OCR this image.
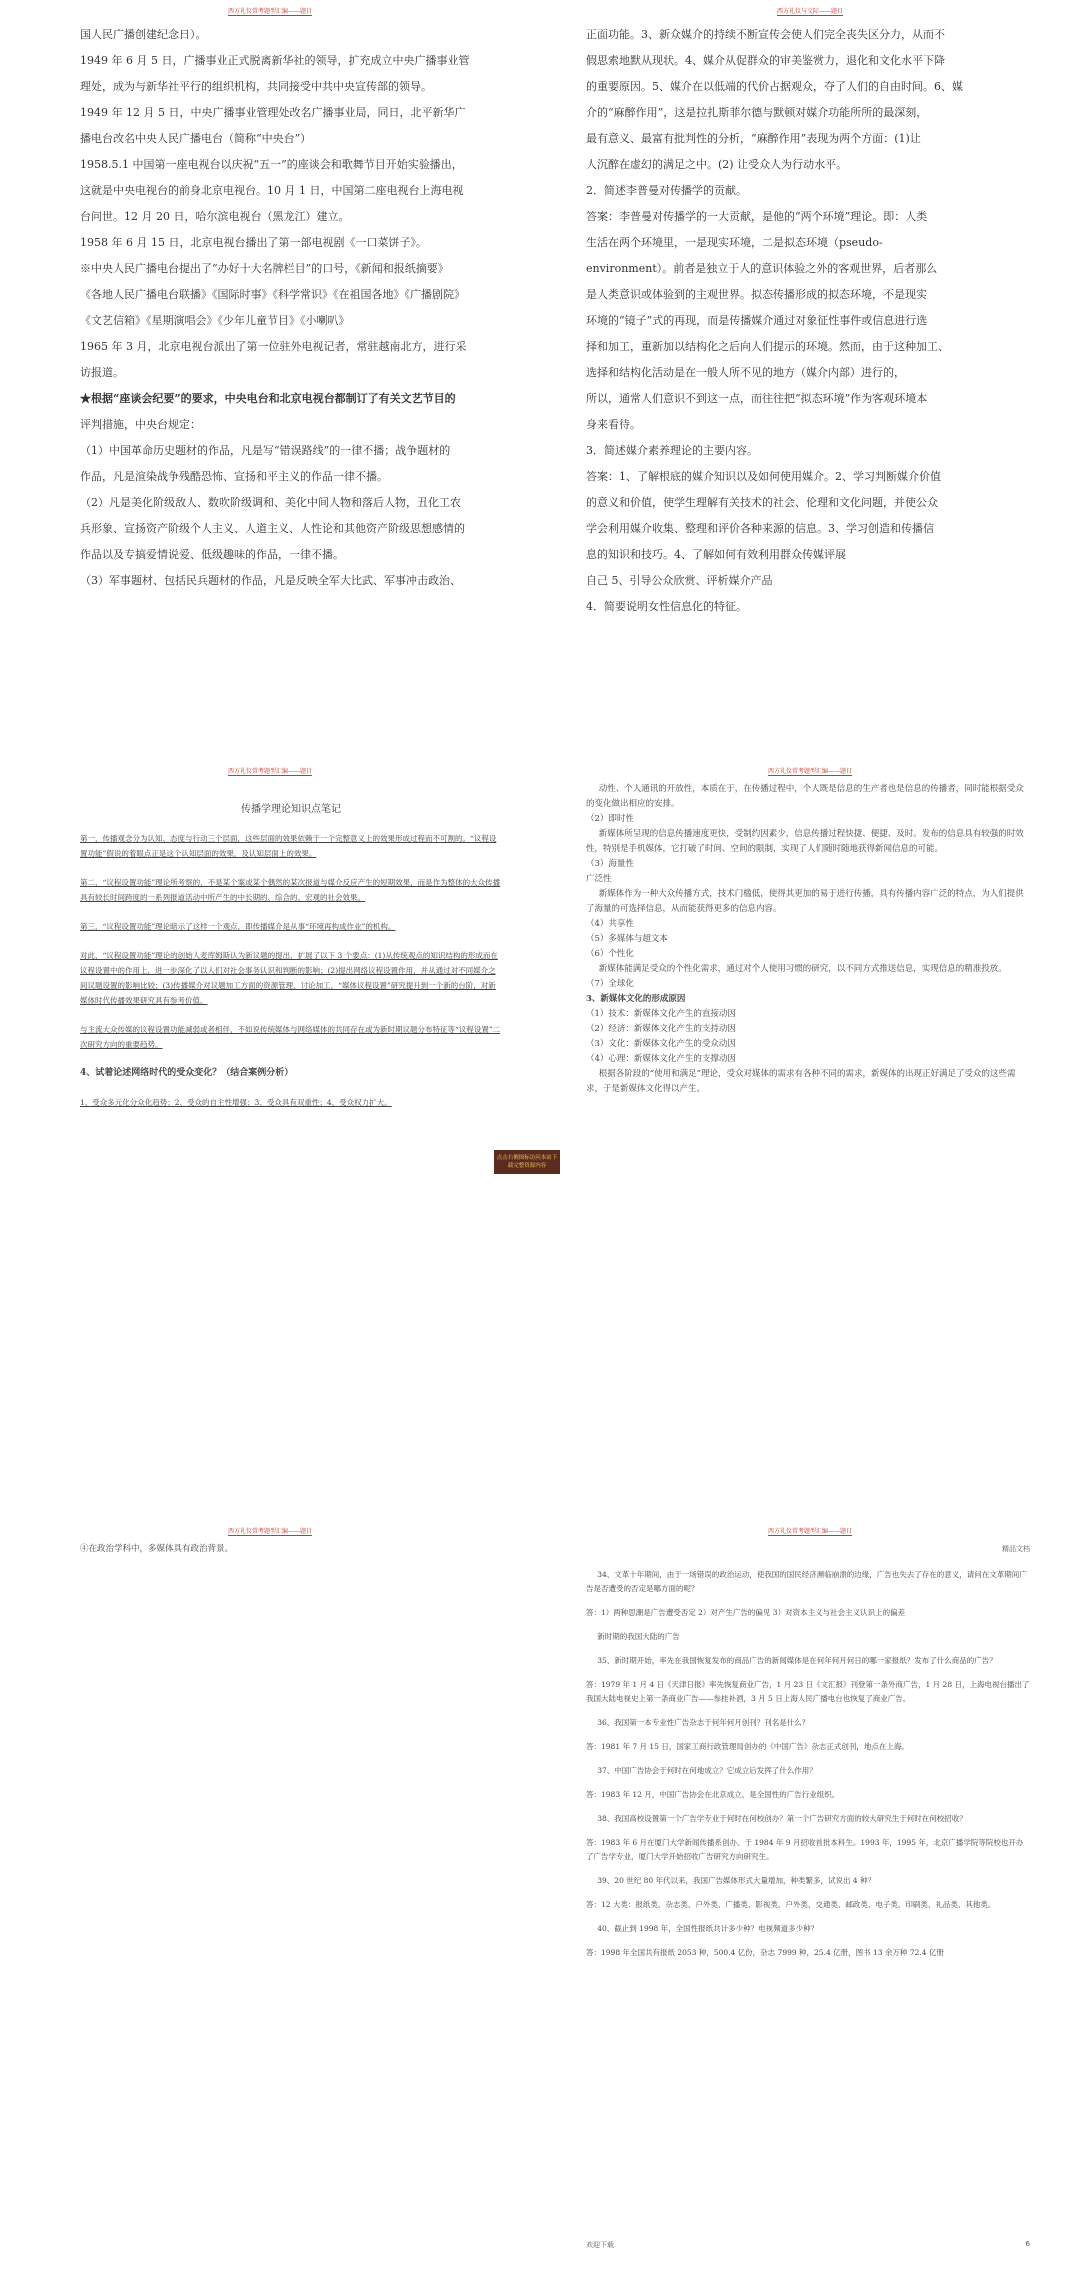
西方礼仪常考题型汇编——题目

国人民广播创建纪念日）。

1949 年 6 月 5 日，广播事业正式脱离新华社的领导，扩充成立中央广播事业管

理处，成为与新华社平行的组织机构，共同接受中共中央宣传部的领导。

1949 年 12 月 5 日，中央广播事业管理处改名广播事业局，同日，北平新华广

播电台改名中央人民广播电台（简称“中央台”）

1958.5.1 中国第一座电视台以庆祝“五一”的座谈会和歌舞节目开始实验播出，

这就是中央电视台的前身北京电视台。10 月 1 日，中国第二座电视台上海电视

台问世。12 月 20 日，哈尔滨电视台（黑龙江）建立。

1958 年 6 月 15 日，北京电视台播出了第一部电视剧《一口菜饼子》。

※中央人民广播电台提出了“办好十大名牌栏目”的口号，《新闻和报纸摘要》

《各地人民广播电台联播》《国际时事》《科学常识》《在祖国各地》《广播剧院》

《文艺信箱》《星期演唱会》《少年儿童节目》《小喇叭》

1965 年 3 月，北京电视台派出了第一位驻外电视记者，常驻越南北方，进行采

访报道。

★根据“座谈会纪要”的要求，中央电台和北京电视台都制订了有关文艺节目的

评判措施，中央台规定：

（1）中国革命历史题材的作品，凡是写“错误路线”的一律不播；战争题材的

作品，凡是渲染战争残酷恐怖、宣扬和平主义的作品一律不播。

（2）凡是美化阶级敌人、数吹阶级调和、美化中间人物和落后人物，丑化工农

兵形象、宣扬资产阶级个人主义、人道主义、人性论和其他资产阶级思想感情的

作品以及专搞爱情说爱、低级趣味的作品，一律不播。

（3）军事题材、包括民兵题材的作品，凡是反映全军大比武、军事冲击政治、

西方礼仪与交际——题目

正面功能。3、新众媒介的持续不断宣传会使人们完全丧失区分力，从而不

假思索地默从现状。4、媒介从促群众的审美鉴赏力，退化和文化水平下降

的重要原因。5、媒介在以低端的代价占据观众，夺了人们的自由时间。6、媒

介的“麻醉作用”，这是拉扎斯菲尔德与默顿对媒介功能所所的最深刻，

最有意义、最富有批判性的分析，“麻醉作用”表现为两个方面：(1)让

人沉醉在虚幻的满足之中。(2) 让受众人为行动水平。

2．简述李普曼对传播学的贡献。

答案：李普曼对传播学的一大贡献，是他的“两个环境”理论。即：人类

生活在两个环境里，一是现实环境，二是拟态环境（pseudo-

environment）。前者是独立于人的意识体验之外的客观世界，后者那么

是人类意识或体验到的主观世界。拟态传播形成的拟态环境，不是现实

环境的“镜子”式的再现，而是传播媒介通过对象征性事件或信息进行选

择和加工，重新加以结构化之后向人们提示的环境。然而，由于这种加工、

选择和结构化活动是在一般人所不见的地方（媒介内部）进行的，

所以，通常人们意识不到这一点，而往往把“拟态环境”作为客观环境本

身来看待。

3．简述媒介素养理论的主要内容。

答案：1、了解根底的媒介知识以及如何使用媒介。2、学习判断媒介价值

的意义和价值，使学生理解有关技术的社会、伦理和文化问题，并使公众

学会利用媒介收集、整理和评价各种来源的信息。3、学习创造和传播信

息的知识和技巧。4、了解如何有效利用群众传媒评展

自己 5、引导公众欣赏、评析媒介产品

4．简要说明女性信息化的特征。

西方礼仪常考题型汇编——题目
传播学理论知识点笔记

第一，传播观念分为认知、态度与行动三个层面，这些层面的效果依赖于一个完整意义上的效果形成过程而不可割的。“议程设置功能”假说的着眼点正是这个认知层面的效果，及认知层面上的效果。

第二，“议程设置功能”理论所考察的，不是某个案或某个偶然的某次报道与媒介反应产生的短期效果，而是作为整体的大众传播具有较长时间跨度的一系列报道活动中所产生的中长期的、综合的、宏观的社会效果。

第三，“议程设置功能”理论暗示了这样一个观点，即传播媒介是从事“环境再构成作业”的机构。

对此，“议程设置功能”理论的创始人麦库姆斯认为新议题的提出，扩展了以下 3 个要点：(1)从传统观点的知识结构的形成而在议程设置中的作用上，进一步深化了以人们对社会事务认识和判断的影响；(2)提出网络议程设置作用，并从通过对不同媒介之间议题设置的影响比较；(3)传播媒介对议题加工方面的资源管理、讨论加工，“媒体议程设置”研究提升到一个新的台阶，对新媒体时代传播效果研究具有参考价值。

与主流大众传媒的议程设置功能减弱或者相伴，不如说传统媒体与网络媒体的共同存在或为新时期议题分布特征等“议程设置”二次研究方向的重要趋势。

4、试着论述网络时代的受众变化？（结合案例分析）

1、受众多元化分众化趋势；2、受众的自主性增强；3、受众具有双重性；4、受众权力扩大。

西方礼仪常考题型汇编——题目

动性、个人通讯的开放性，本质在于，在传播过程中，个人既是信息的生产者也是信息的传播者，同时能根据受众的变化做出相应的安排。

（2）即时性

新媒体所呈现的信息传播速度更快，受制约因素少，信息传播过程快捷、便捷、及时。发布的信息具有较强的时效性，特别是手机媒体，它打破了时间、空间的限制，实现了人们随时随地获得新闻信息的可能。

（3）海量性

广泛性

新媒体作为一种大众传播方式，技术门槛低，使得其更加的易于进行传播，具有传播内容广泛的特点，为人们提供了海量的可选择信息，从而能获得更多的信息内容。

（4）共享性

（5）多媒体与超文本

（6）个性化

新媒体能满足受众的个性化需求，通过对个人使用习惯的研究，以不同方式推送信息，实现信息的精准投放。

（7）全球化

3、新媒体文化的形成原因

（1）技术：新媒体文化产生的直接动因

（2）经济：新媒体文化产生的支持动因

（3）文化：新媒体文化产生的受众动因

（4）心理：新媒体文化产生的支撑动因

根据各阶段的“使用和满足”理论，受众对媒体的需求有各种不同的需求，新媒体的出现正好满足了受众的这些需求，于是新媒体文化得以产生。

西方礼仪常考题型汇编——题目

④在政治学科中，多媒体具有政治背景。

西方礼仪常考题型汇编——题目
精品文档

34、文革十年期间，由于一场错误的政治运动，使我国的国民经济濒临崩溃的边缘，广告也失去了存在的意义，请问在文革期间广告是否遭受的否定是哪方面的呢？

答：1）两种思潮是广告遭受否定 2）对产生广告的偏见 3）对资本主义与社会主义认识上的偏差

新时期的我国大陆的广告

35、新时期开始，率先在我国恢复发布的商品广告的新闻媒体是在何年何月何日的哪一家报纸？发布了什么商品的广告？

答：1979 年 1 月 4 日《天津日报》率先恢复商业广告，1 月 23 日《文汇报》刊登第一条外商广告，1 月 28 日，上海电视台播出了我国大陆电视史上第一条商业广告——参桂补酒，3 月 5 日上海人民广播电台也恢复了商业广告。

36、我国第一本专业性广告杂志于何年何月创刊？刊名是什么？

答：1981 年 7 月 15 日，国家工商行政管理局创办的《中国广告》杂志正式创刊，地点在上海。

37、中国广告协会于何时在何地成立？它成立后发挥了什么作用？

答：1983 年 12 月，中国广告协会在北京成立，是全国性的广告行业组织。

38、我国高校设置第一个广告学专业于何时在何校创办？第一个广告研究方面的较大研究生于何时在何校招收？

答：1983 年 6 月在厦门大学新闻传播系创办。于 1984 年 9 月招收首批本科生。1993 年，1995 年，北京广播学院等院校也开办了广告学专业，厦门大学开始招收广告研究方向研究生。

39、20 世纪 80 年代以来，我国广告媒体形式大量增加，种类繁多，试说出 4 种？

答：12 大类：报纸类、杂志类、户外类、广播类、影视类、户外类、交通类、邮政类、电子类、印刷类、礼品类、其他类。

40、截止到 1998 年，全国性报纸共计多少种？电视频道多少种？

答：1998 年全国共有报纸 2053 种，500.4 亿份，杂志 7999 种，25.4 亿册，图书 13 余万种 72.4 亿册

欢迎下载	6
点击右侧图标访问本站下载完整资源内容
